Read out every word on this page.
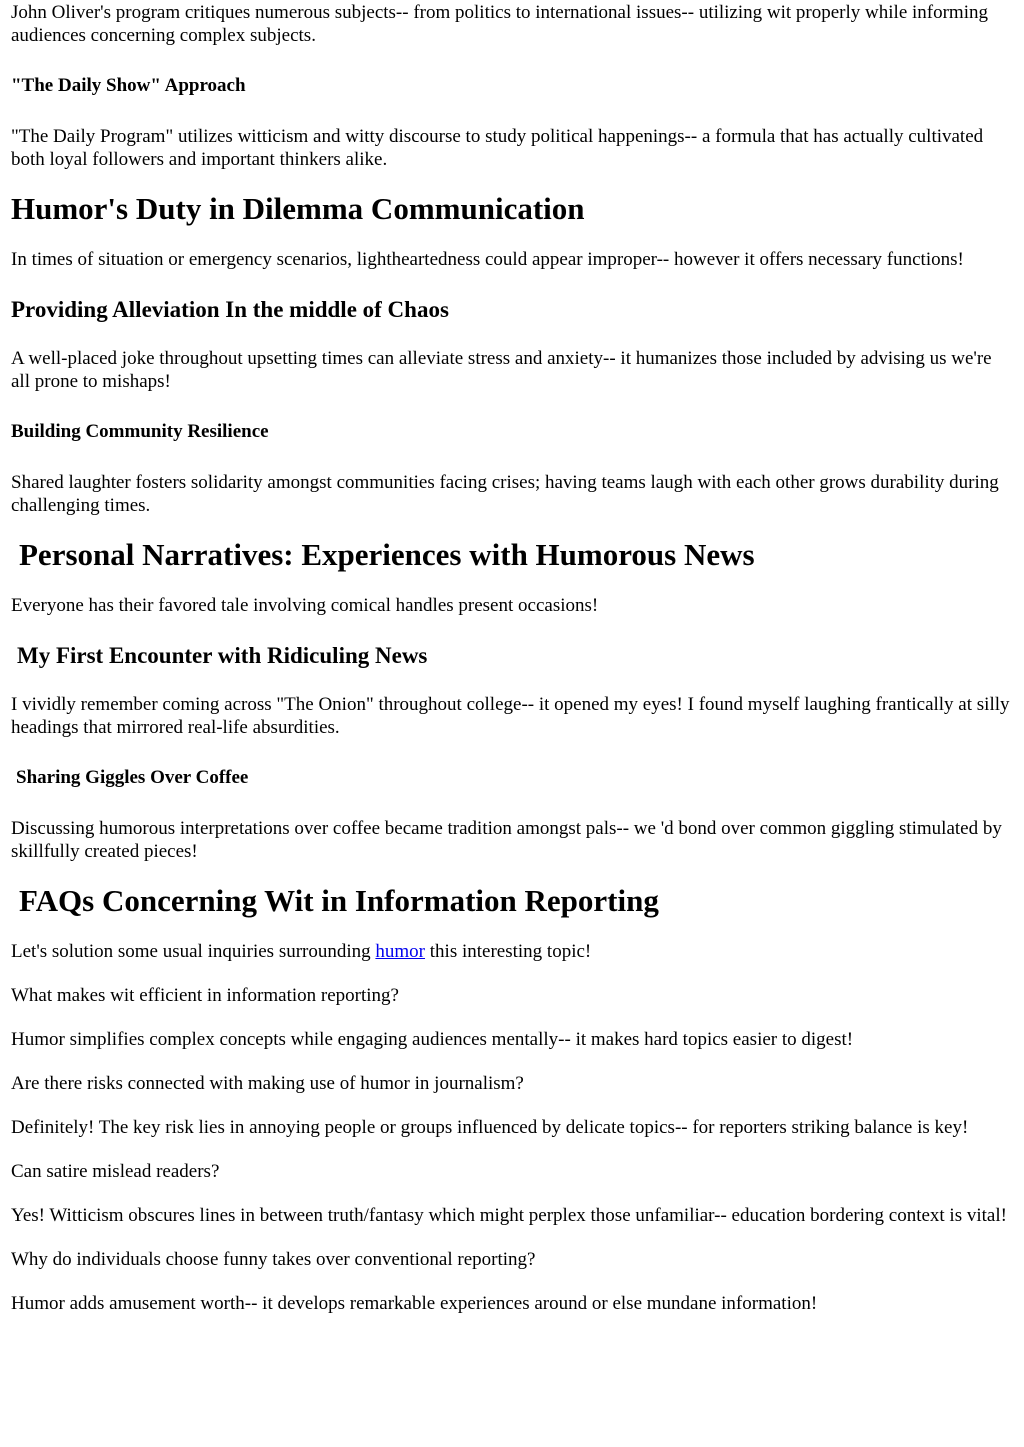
John Oliver's program critiques numerous subjects-- from politics to international issues-- utilizing wit properly while informing audiences concerning complex subjects.

"The Daily Show" Approach

"The Daily Program" utilizes witticism and witty discourse to study political happenings-- a formula that has actually cultivated both loyal followers and important thinkers alike.

Humor's Duty in Dilemma Communication

In times of situation or emergency scenarios, lightheartedness could appear improper-- however it offers necessary functions!

Providing Alleviation In the middle of Chaos

A well-placed joke throughout upsetting times can alleviate stress and anxiety-- it humanizes those included by advising us we're all prone to mishaps!

Building Community Resilience

Shared laughter fosters solidarity amongst communities facing crises; having teams laugh with each other grows durability during challenging times.

Personal Narratives: Experiences with Humorous News

Everyone has their favored tale involving comical handles present occasions!

My First Encounter with Ridiculing News

I vividly remember coming across "The Onion" throughout college-- it opened my eyes! I found myself laughing frantically at silly headings that mirrored real-life absurdities.

Sharing Giggles Over Coffee

Discussing humorous interpretations over coffee became tradition amongst pals-- we 'd bond over common giggling stimulated by skillfully created pieces!

FAQs Concerning Wit in Information Reporting

Let's solution some usual inquiries surrounding humor this interesting topic!

What makes wit efficient in information reporting?

Humor simplifies complex concepts while engaging audiences mentally-- it makes hard topics easier to digest!

Are there risks connected with making use of humor in journalism?

Definitely! The key risk lies in annoying people or groups influenced by delicate topics-- for reporters striking balance is key!

Can satire mislead readers?

Yes! Witticism obscures lines in between truth/fantasy which might perplex those unfamiliar-- education bordering context is vital!

Why do individuals choose funny takes over conventional reporting?

Humor adds amusement worth-- it develops remarkable experiences around or else mundane information!
